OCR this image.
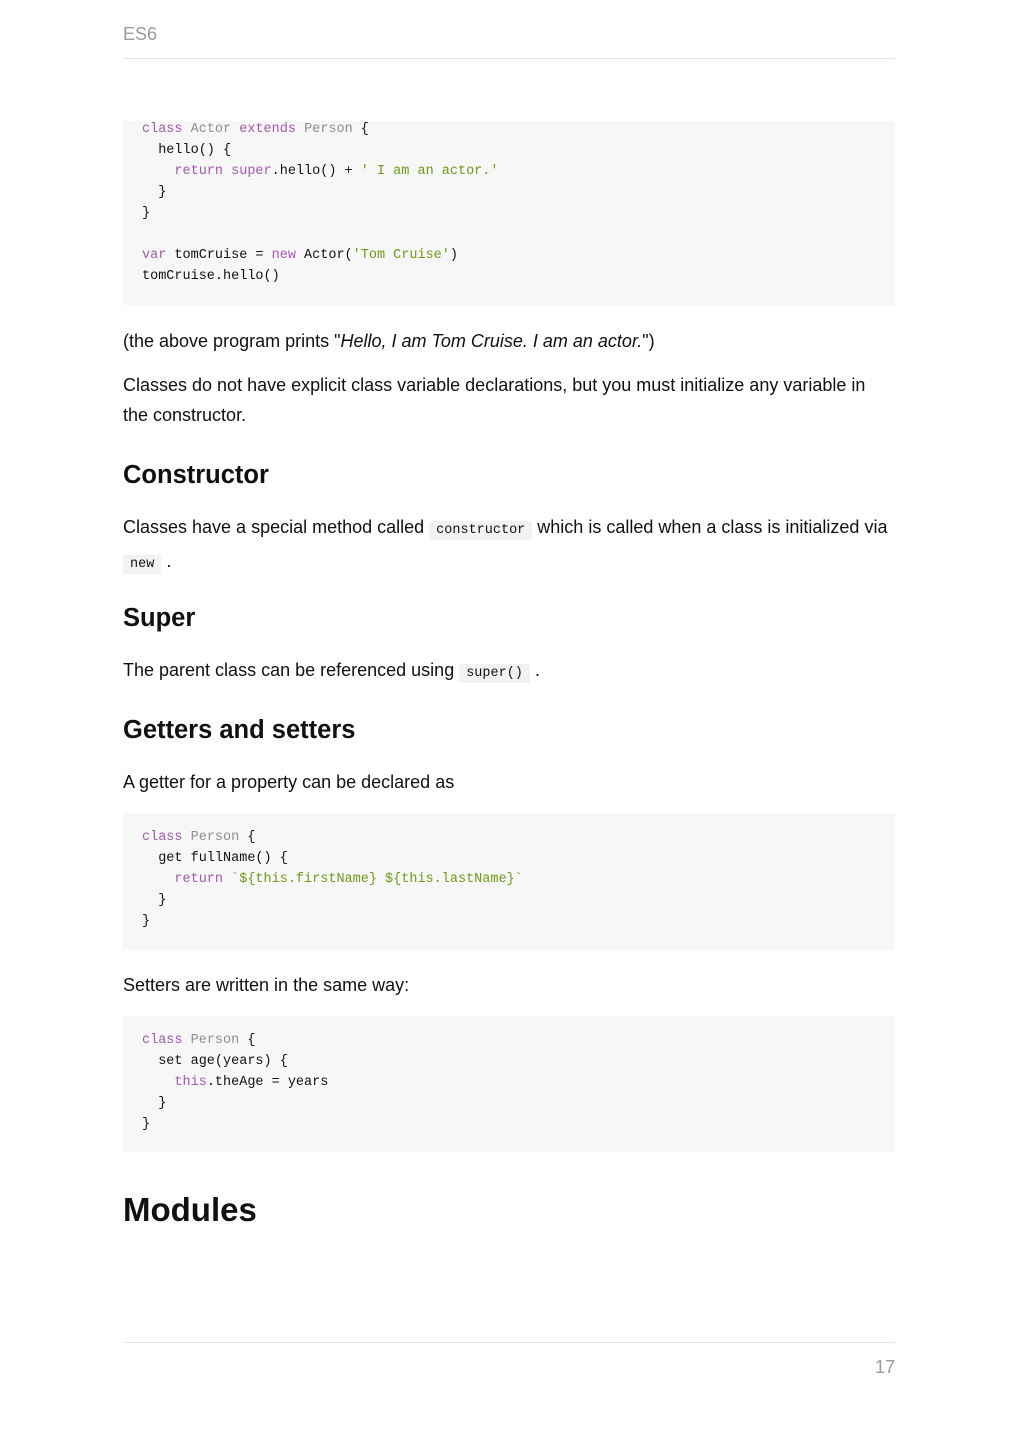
ES6
class Actor extends Person {
hello() {
return super.hello() + ' I am an actor.'
}
}
var tomCruise = new Actor('Tom Cruise')
tomCruise.hello()
(the above program prints "Hello, I am Tom Cruise. I am an actor.")
Classes do not have explicit class variable declarations, but you must initialize any variable in the constructor.
Constructor
Classes have a special method called constructor which is called when a class is initialized via new .
Super
The parent class can be referenced using super() .
Getters and setters
A getter for a property can be declared as
class Person {
get fullName() {
return `${this.firstName} ${this.lastName}`
}
}
Setters are written in the same way:
class Person {
set age(years) {
this.theAge = years
}
}
Modules
17
